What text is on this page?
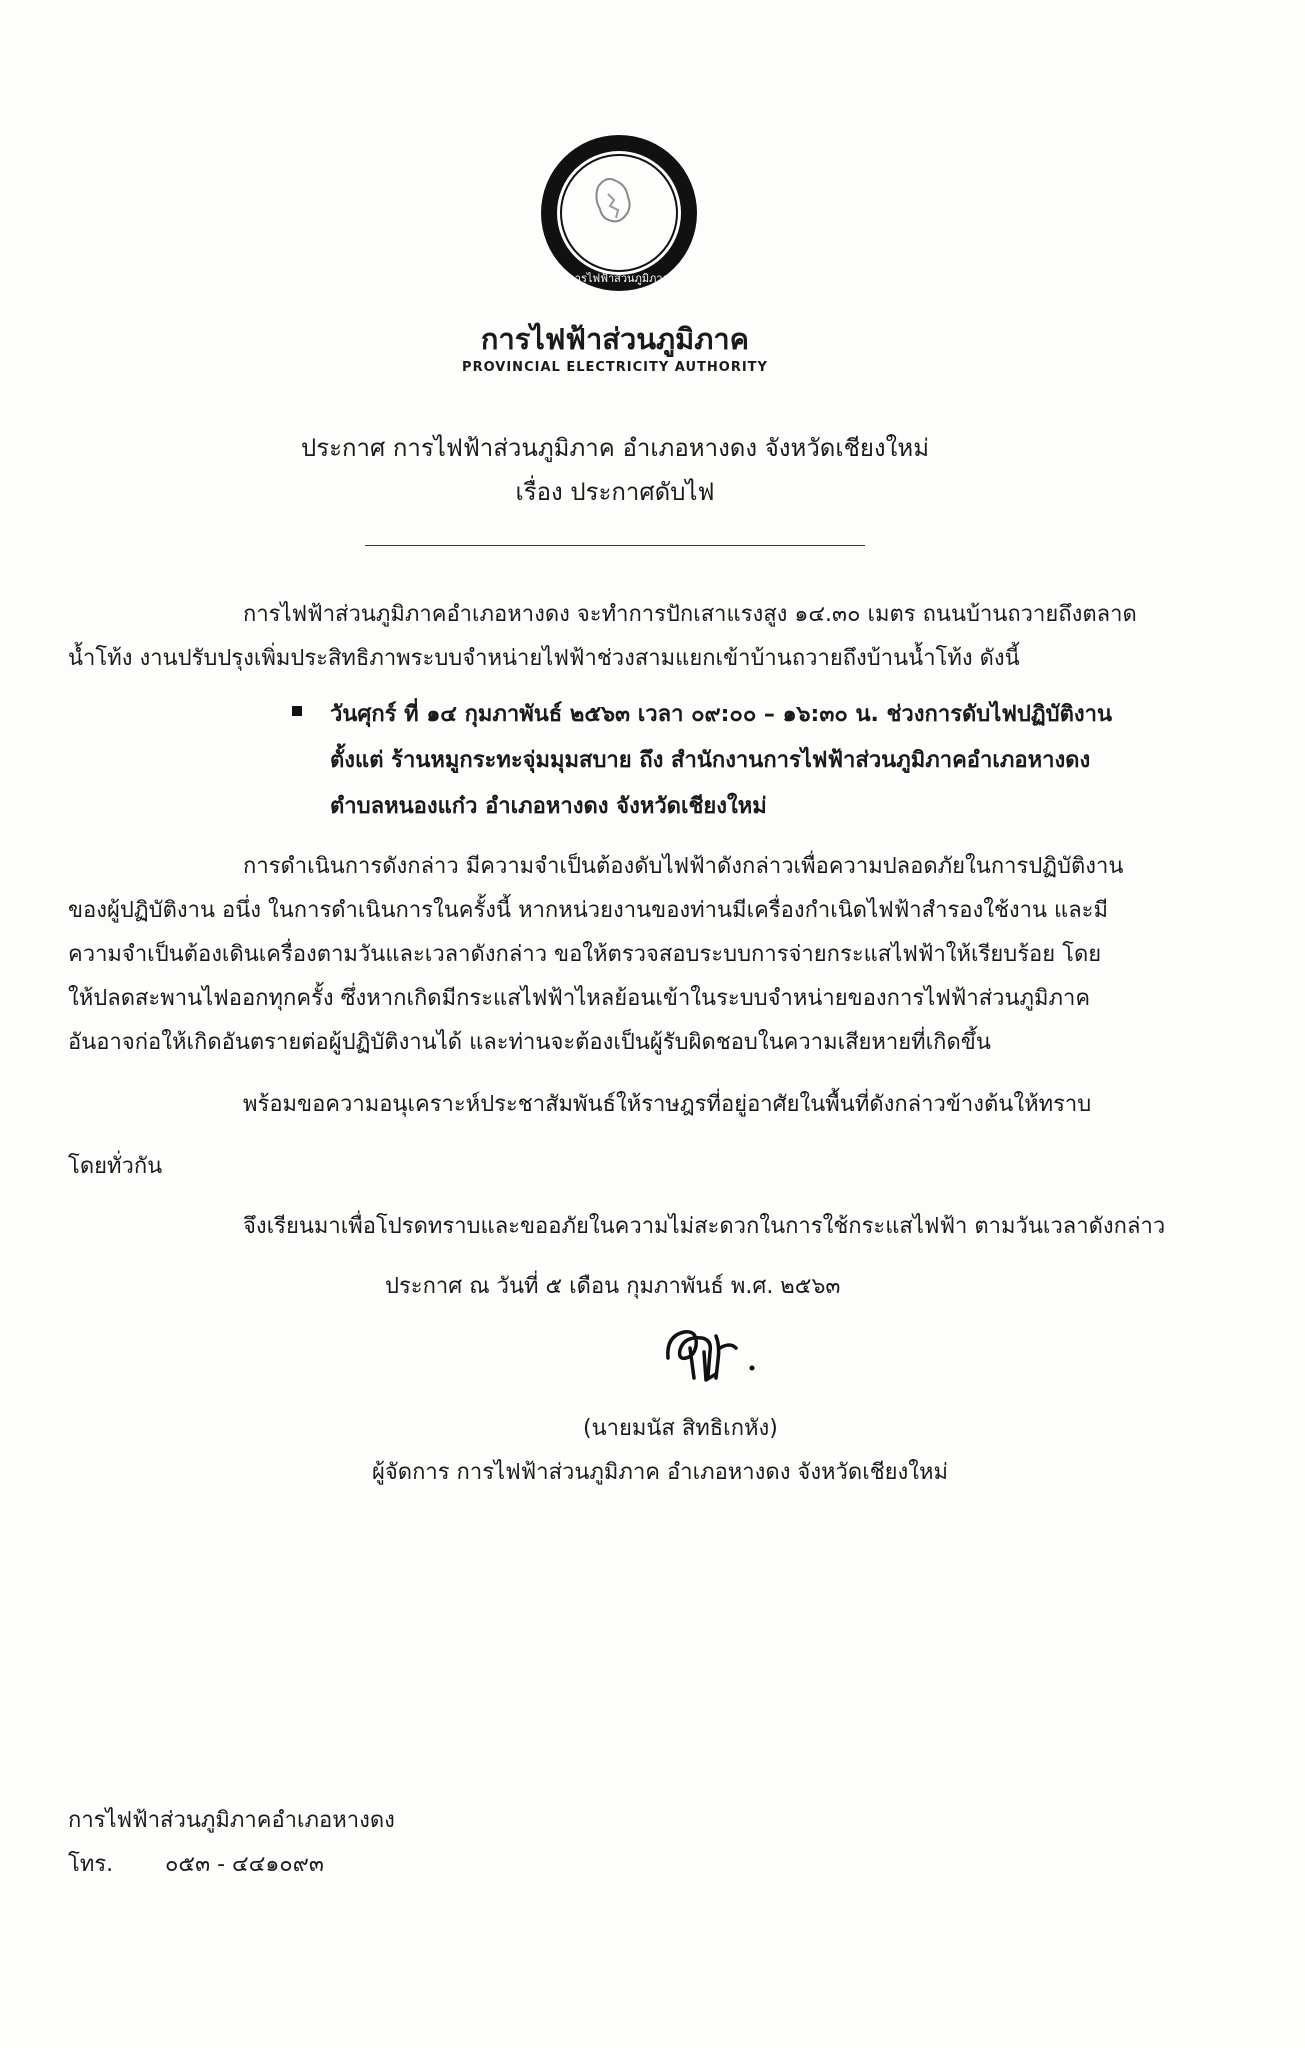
การไฟฟ้าส่วนภูมิภาค
การไฟฟ้าส่วนภูมิภาค
PROVINCIAL ELECTRICITY AUTHORITY
ประกาศ การไฟฟ้าส่วนภูมิภาค อำเภอหางดง จังหวัดเชียงใหม่
เรื่อง ประกาศดับไฟ
การไฟฟ้าส่วนภูมิภาคอำเภอหางดง จะทำการปักเสาแรงสูง ๑๔.๓๐ เมตร ถนนบ้านถวายถึงตลาด
น้ำโท้ง งานปรับปรุงเพิ่มประสิทธิภาพระบบจำหน่ายไฟฟ้าช่วงสามแยกเข้าบ้านถวายถึงบ้านน้ำโท้ง ดังนี้
วันศุกร์ ที่ ๑๔ กุมภาพันธ์ ๒๕๖๓ เวลา ๐๙:๐๐ – ๑๖:๓๐ น. ช่วงการดับไฟปฏิบัติงาน
ตั้งแต่ ร้านหมูกระทะจุ่มมุมสบาย ถึง สำนักงานการไฟฟ้าส่วนภูมิภาคอำเภอหางดง
ตำบลหนองแก๋ว อำเภอหางดง จังหวัดเชียงใหม่
การดำเนินการดังกล่าว มีความจำเป็นต้องดับไฟฟ้าดังกล่าวเพื่อความปลอดภัยในการปฏิบัติงาน
ของผู้ปฏิบัติงาน อนึ่ง ในการดำเนินการในครั้งนี้ หากหน่วยงานของท่านมีเครื่องกำเนิดไฟฟ้าสำรองใช้งาน และมี
ความจำเป็นต้องเดินเครื่องตามวันและเวลาดังกล่าว ขอให้ตรวจสอบระบบการจ่ายกระแสไฟฟ้าให้เรียบร้อย โดย
ให้ปลดสะพานไฟออกทุกครั้ง ซึ่งหากเกิดมีกระแสไฟฟ้าไหลย้อนเข้าในระบบจำหน่ายของการไฟฟ้าส่วนภูมิภาค
อันอาจก่อให้เกิดอันตรายต่อผู้ปฏิบัติงานได้ และท่านจะต้องเป็นผู้รับผิดชอบในความเสียหายที่เกิดขึ้น
พร้อมขอความอนุเคราะห์ประชาสัมพันธ์ให้ราษฎรที่อยู่อาศัยในพื้นที่ดังกล่าวข้างต้นให้ทราบ
โดยทั่วกัน
จึงเรียนมาเพื่อโปรดทราบและขออภัยในความไม่สะดวกในการใช้กระแสไฟฟ้า ตามวันเวลาดังกล่าว
ประกาศ ณ วันที่ ๕ เดือน กุมภาพันธ์ พ.ศ. ๒๕๖๓
(นายมนัส สิทธิเกหัง)
ผู้จัดการ การไฟฟ้าส่วนภูมิภาค อำเภอหางดง จังหวัดเชียงใหม่
การไฟฟ้าส่วนภูมิภาคอำเภอหางดง
โทร. ๐๕๓ - ๔๔๑๐๙๓
